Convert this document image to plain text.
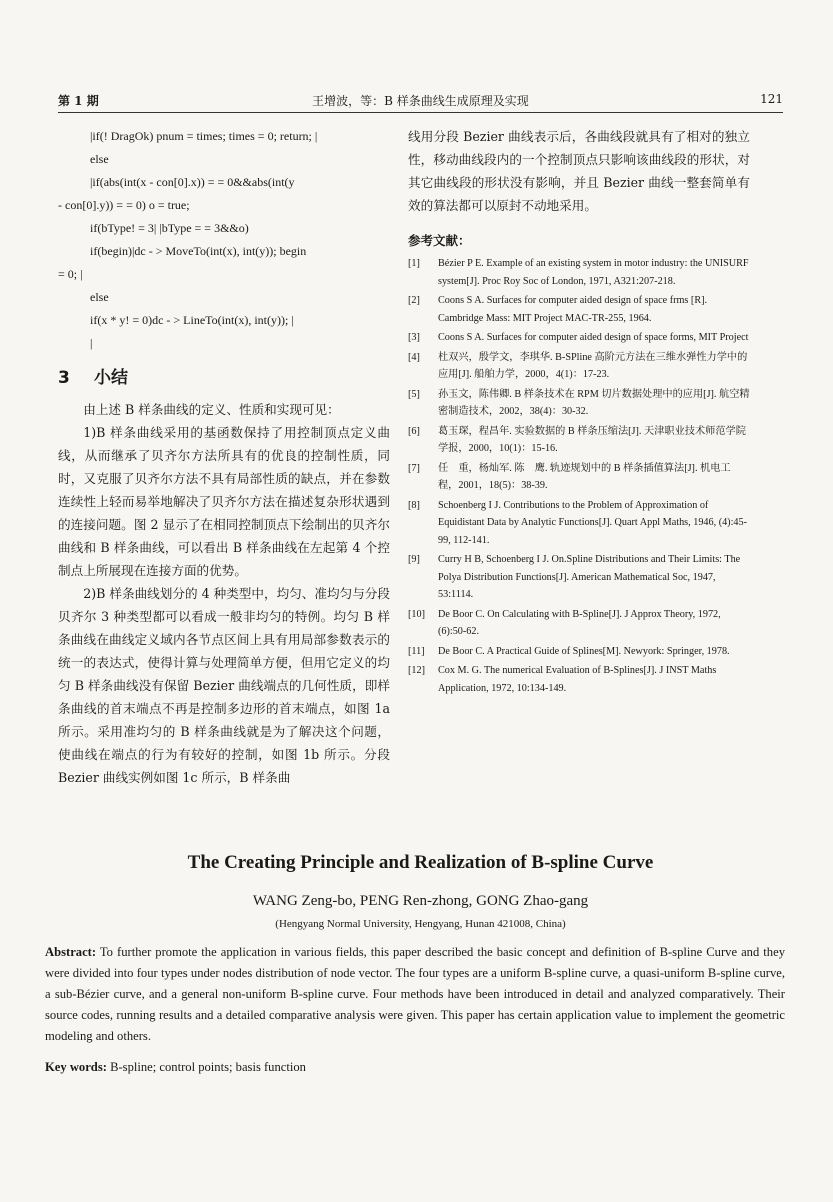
第 1 期	王增波，等：B 样条曲线生成原理及实现	121
|if(! DragOk) pnum = times; times = 0; return; |
else
|if(abs(int(x - con[0].x)) = = 0&&abs(int(y
- con[0].y)) = = 0) o = true;
if(bType! = 3| |bType = = 3&&o)
if(begin)|dc - > MoveTo(int(x), int(y)); begin
= 0; |
else
if(x * y! = 0)dc - > LineTo(int(x), int(y)); |
|
3 小结

由上述 B 样条曲线的定义、性质和实现可见：

1)B 样条曲线采用的基函数保持了用控制顶点定义曲线，从而继承了贝齐尔方法所具有的优良的控制性质，同时，又克服了贝齐尔方法不具有局部性质的缺点，并在参数连续性上轻而易举地解决了贝齐尔方法在描述复杂形状遇到的连接问题。图 2 显示了在相同控制顶点下绘制出的贝齐尔曲线和 B 样条曲线，可以看出 B 样条曲线在左起第 4 个控制点上所展现在连接方面的优势。

2)B 样条曲线划分的 4 种类型中，均匀、准均匀与分段贝齐尔 3 种类型都可以看成一般非均匀的特例。均匀 B 样条曲线在曲线定义域内各节点区间上具有用局部参数表示的统一的表达式，使得计算与处理简单方便，但用它定义的均匀 B 样条曲线没有保留 Bezier 曲线端点的几何性质，即样条曲线的首末端点不再是控制多边形的首末端点，如图 1a 所示。采用准均匀的 B 样条曲线就是为了解决这个问题，使曲线在端点的行为有较好的控制，如图 1b 所示。分段 Bezier 曲线实例如图 1c 所示，B 样条曲

线用分段 Bezier 曲线表示后，各曲线段就具有了相对的独立性，移动曲线段内的一个控制顶点只影响该曲线段的形状，对其它曲线段的形状没有影响，并且 Bezier 曲线一整套简单有效的算法都可以原封不动地采用。

参考文献：
[1]	Bézier P E. Example of an existing system in motor industry: the UNISURF system[J]. Proc Roy Soc of London, 1971, A321:207-218.
[2]	Coons S A. Surfaces for computer aided design of space frms [R]. Cambridge Mass: MIT Project MAC-TR-255, 1964.
[3]	Coons S A. Surfaces for computer aided design of space forms, MIT Project
[4]	杜双兴，殷学文，李琪华. B-SPline 高阶元方法在三维水弹性力学中的应用[J]. 船舶力学，2000，4(1)：17-23.
[5]	孙玉文，陈伟卿. B 样条技术在 RPM 切片数据处理中的应用[J]. 航空精密制造技术，2002，38(4)：30-32.
[6]	葛玉琛，程昌年. 实验数据的 B 样条压缩法[J]. 天津职业技术师范学院学报，2000，10(1)：15-16.
[7]	任　重，杨灿军. 陈　鹰. 轨迹规划中的 B 样条插值算法[J]. 机电工程，2001，18(5)：38-39.
[8]	Schoenberg I J. Contributions to the Problem of Approximation of Equidistant Data by Analytic Functions[J]. Quart Appl Maths, 1946, (4):45-99, 112-141.
[9]	Curry H B, Schoenberg I J. On.Spline Distributions and Their Limits: The Polya Distribution Functions[J]. American Mathematical Soc, 1947, 53:1114.
[10]	De Boor C. On Calculating with B-Spline[J]. J Approx Theory, 1972, (6):50-62.
[11]	De Boor C. A Practical Guide of Splines[M]. Newyork: Springer, 1978.
[12]	Cox M. G. The numerical Evaluation of B-Splines[J]. J INST Maths Application, 1972, 10:134-149.
The Creating Principle and Realization of B-spline Curve
WANG Zeng-bo, PENG Ren-zhong, GONG Zhao-gang
(Hengyang Normal University, Hengyang, Hunan 421008, China)
Abstract: To further promote the application in various fields, this paper described the basic concept and definition of B-spline Curve and they were divided into four types under nodes distribution of node vector. The four types are a uniform B-spline curve, a quasi-uniform B-spline curve, a sub-Bézier curve, and a general non-uniform B-spline curve. Four methods have been introduced in detail and analyzed comparatively. Their source codes, running results and a detailed comparative analysis were given. This paper has certain application value to implement the geometric modeling and others.
Key words: B-spline; control points; basis function
